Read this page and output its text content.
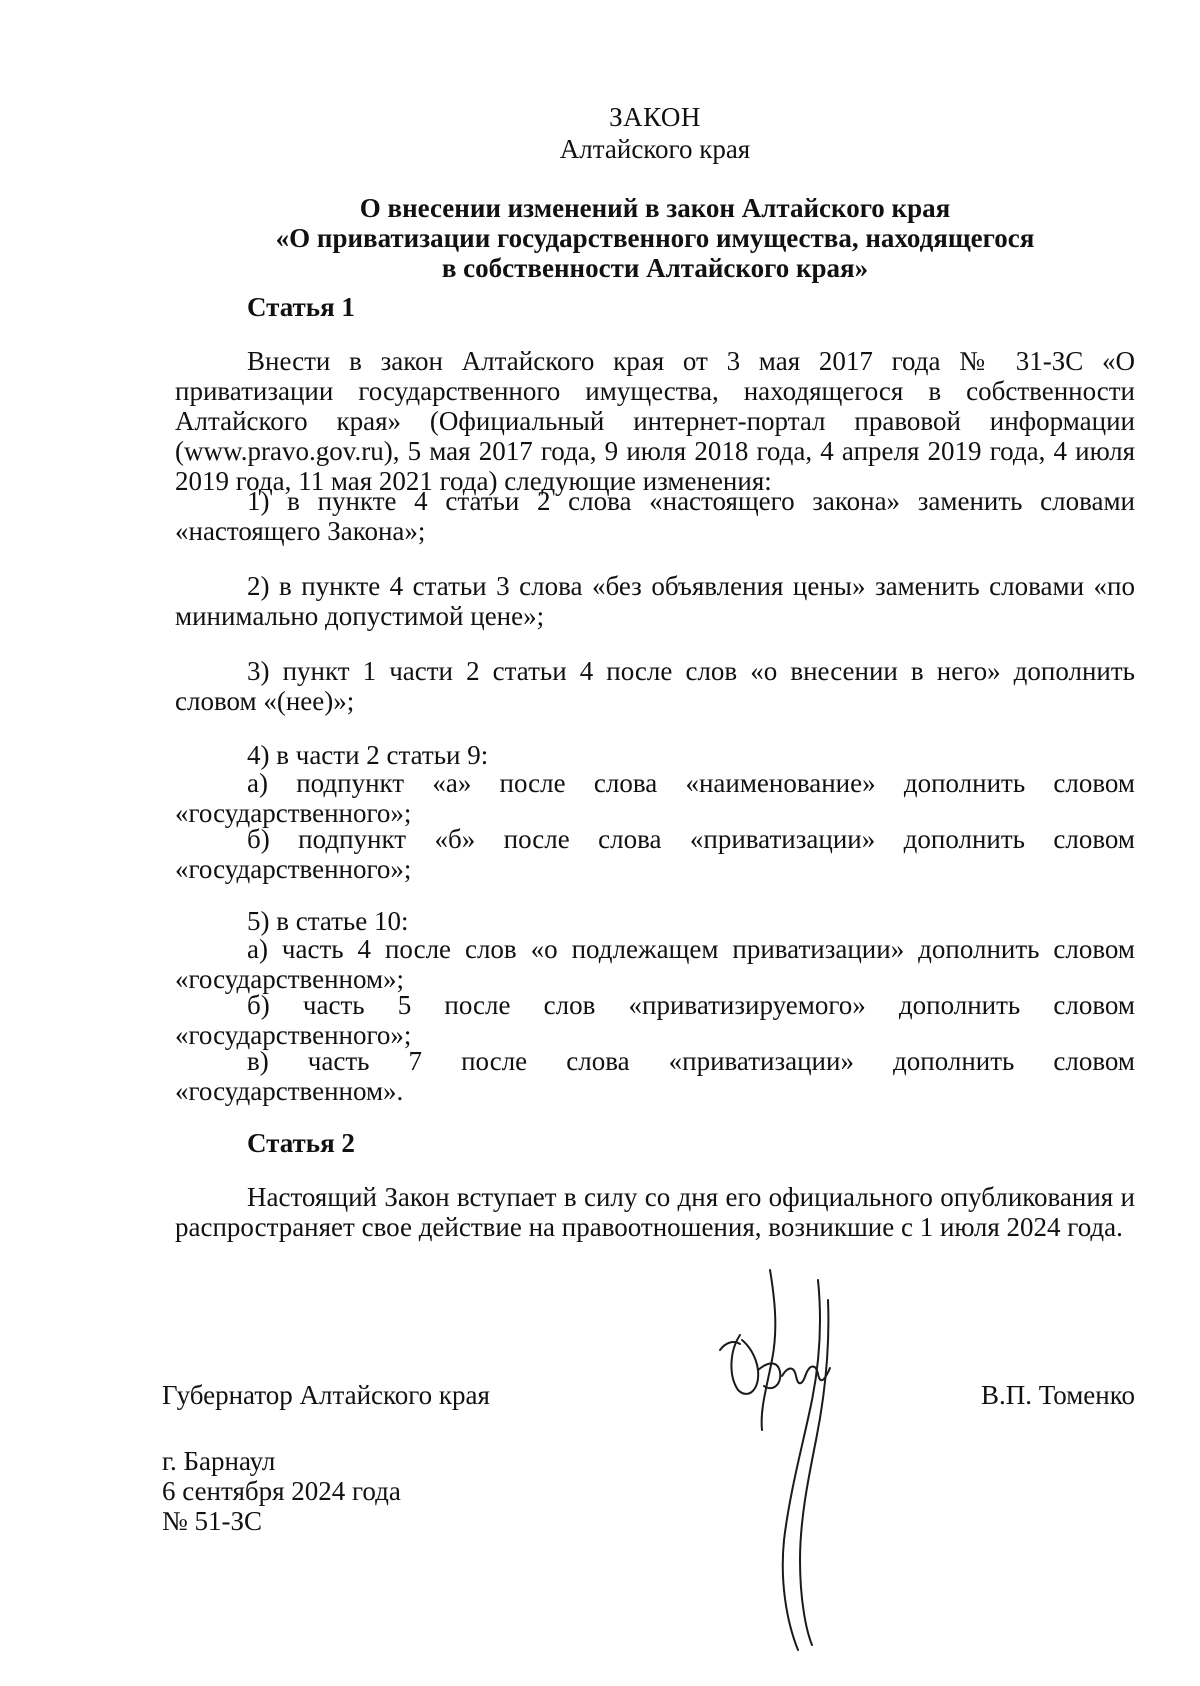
ЗАКОН
Алтайского края
О внесении изменений в закон Алтайского края
«О приватизации государственного имущества, находящегося
в собственности Алтайского края»
Статья 1
Внести в закон Алтайского края от 3 мая 2017 года № 31-ЗС «О приватизации государственного имущества, находящегося в собственности Алтайского края» (Официальный интернет-портал правовой информации (www.pravo.gov.ru), 5 мая 2017 года, 9 июля 2018 года, 4 апреля 2019 года, 4 июля 2019 года, 11 мая 2021 года) следующие изменения:
1) в пункте 4 статьи 2 слова «настоящего закона» заменить словами «настоящего Закона»;
2) в пункте 4 статьи 3 слова «без объявления цены» заменить словами «по минимально допустимой цене»;
3) пункт 1 части 2 статьи 4 после слов «о внесении в него» дополнить словом «(нее)»;
4) в части 2 статьи 9:
а) подпункт «а» после слова «наименование» дополнить словом «государственного»;
б) подпункт «б» после слова «приватизации» дополнить словом «государственного»;
5) в статье 10:
а) часть 4 после слов «о подлежащем приватизации» дополнить словом «государственном»;
б) часть 5 после слов «приватизируемого» дополнить словом «государственного»;
в) часть 7 после слова «приватизации» дополнить словом «государственном».
Статья 2
Настоящий Закон вступает в силу со дня его официального опубликования и распространяет свое действие на правоотношения, возникшие с 1 июля 2024 года.
Губернатор Алтайского края	В.П. Томенко
г. Барнаул
6 сентября 2024 года
№ 51-ЗС
